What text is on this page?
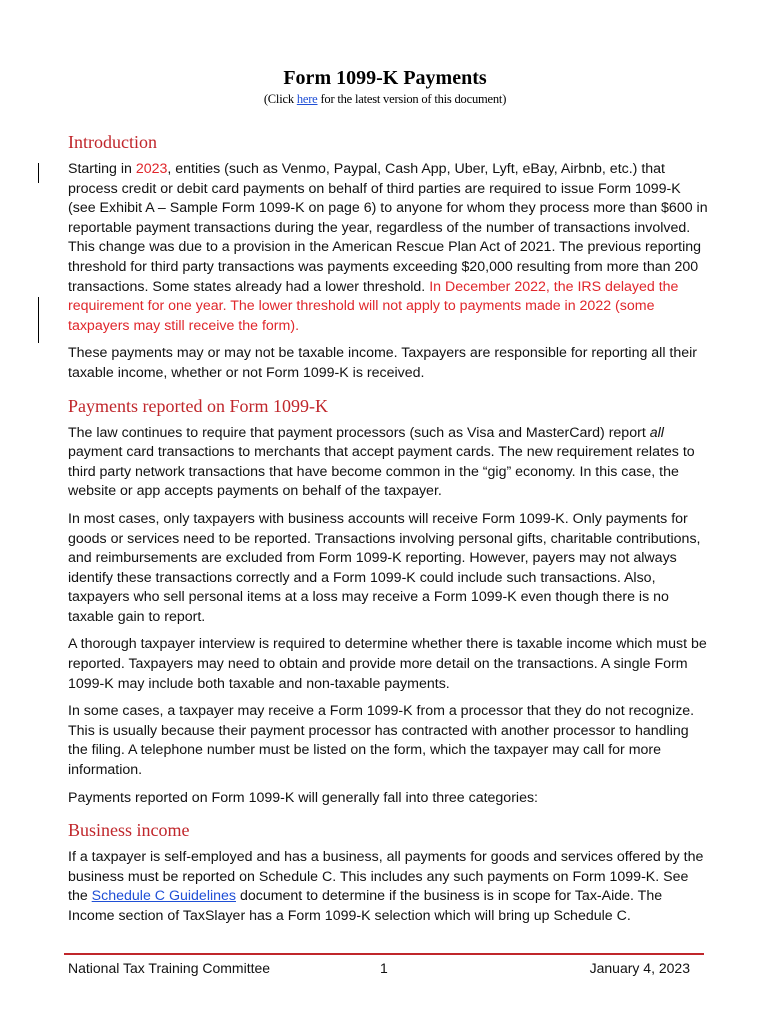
Form 1099-K Payments
(Click here for the latest version of this document)
Introduction

Starting in 2023, entities (such as Venmo, Paypal, Cash App, Uber, Lyft, eBay, Airbnb, etc.) that process credit or debit card payments on behalf of third parties are required to issue Form 1099-K (see Exhibit A – Sample Form 1099-K on page 6) to anyone for whom they process more than $600 in reportable payment transactions during the year, regardless of the number of transactions involved. This change was due to a provision in the American Rescue Plan Act of 2021. The previous reporting threshold for third party transactions was payments exceeding $20,000 resulting from more than 200 transactions. Some states already had a lower threshold. In December 2022, the IRS delayed the requirement for one year. The lower threshold will not apply to payments made in 2022 (some taxpayers may still receive the form).

These payments may or may not be taxable income. Taxpayers are responsible for reporting all their taxable income, whether or not Form 1099-K is received.

Payments reported on Form 1099-K

The law continues to require that payment processors (such as Visa and MasterCard) report all payment card transactions to merchants that accept payment cards. The new requirement relates to third party network transactions that have become common in the “gig” economy. In this case, the website or app accepts payments on behalf of the taxpayer.

In most cases, only taxpayers with business accounts will receive Form 1099-K. Only payments for goods or services need to be reported. Transactions involving personal gifts, charitable contributions, and reimbursements are excluded from Form 1099-K reporting. However, payers may not always identify these transactions correctly and a Form 1099-K could include such transactions. Also, taxpayers who sell personal items at a loss may receive a Form 1099-K even though there is no taxable gain to report.

A thorough taxpayer interview is required to determine whether there is taxable income which must be reported. Taxpayers may need to obtain and provide more detail on the transactions. A single Form 1099-K may include both taxable and non-taxable payments.

In some cases, a taxpayer may receive a Form 1099-K from a processor that they do not recognize. This is usually because their payment processor has contracted with another processor to handling the filing. A telephone number must be listed on the form, which the taxpayer may call for more information.

Payments reported on Form 1099-K will generally fall into three categories:

Business income

If a taxpayer is self-employed and has a business, all payments for goods and services offered by the business must be reported on Schedule C. This includes any such payments on Form 1099-K. See the Schedule C Guidelines document to determine if the business is in scope for Tax-Aide. The Income section of TaxSlayer has a Form 1099-K selection which will bring up Schedule C.

National Tax Training Committee	1	January 4, 2023
